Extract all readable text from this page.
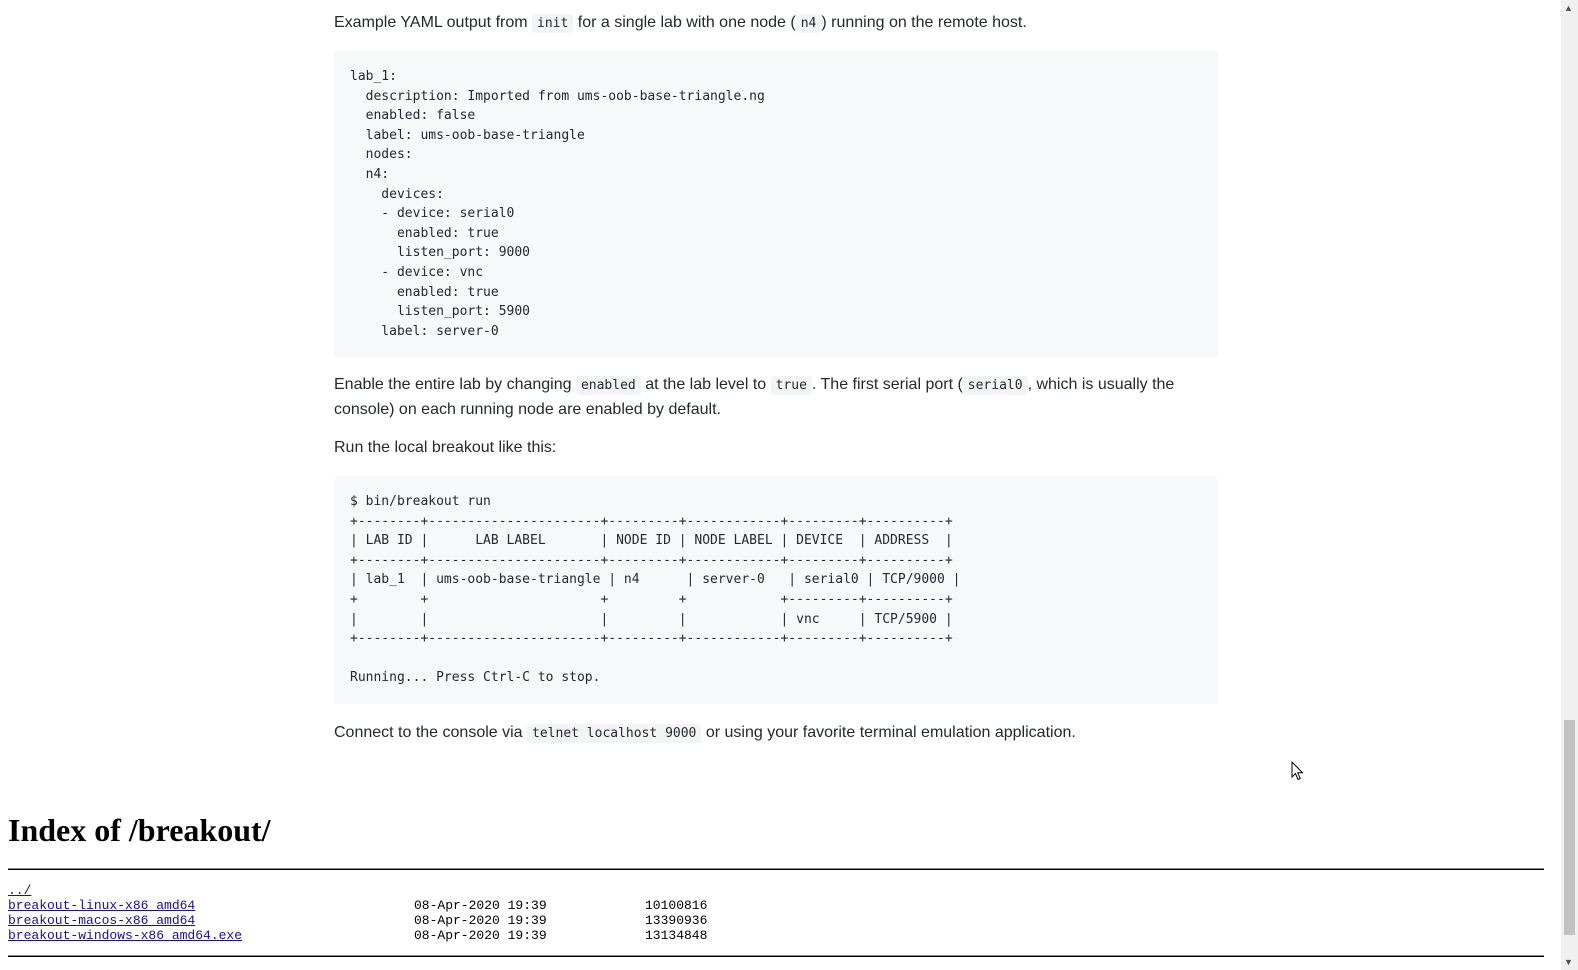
Example YAML output from init for a single lab with one node ( n4 ) running on the remote host.

lab_1:
description: Imported from ums-oob-base-triangle.ng
enabled: false
label: ums-oob-base-triangle
nodes:
n4:
devices:
- device: serial0
enabled: true
listen_port: 9000
- device: vnc
enabled: true
listen_port: 5900
label: server-0

Enable the entire lab by changing enabled at the lab level to true . The first serial port ( serial0 , which is usually the console) on each running node are enabled by default.

Run the local breakout like this:

$ bin/breakout run
+--------+----------------------+---------+------------+---------+----------+
| LAB ID |      LAB LABEL       | NODE ID | NODE LABEL | DEVICE  | ADDRESS  |
+--------+----------------------+---------+------------+---------+----------+
| lab_1  | ums-oob-base-triangle | n4      | server-0   | serial0 | TCP/9000 |
+        +                      +         +            +---------+----------+
|        |                      |         |            | vnc     | TCP/5900 |
+--------+----------------------+---------+------------+---------+----------+

Running... Press Ctrl-C to stop.

Connect to the console via telnet localhost 9000 or using your favorite terminal emulation application.

Index of /breakout/
../
breakout-linux-x86_amd64	08-Apr-2020 19:39	10100816
breakout-macos-x86_amd64	08-Apr-2020 19:39	13390936
breakout-windows-x86_amd64.exe	08-Apr-2020 19:39	13134848
▲
▼
